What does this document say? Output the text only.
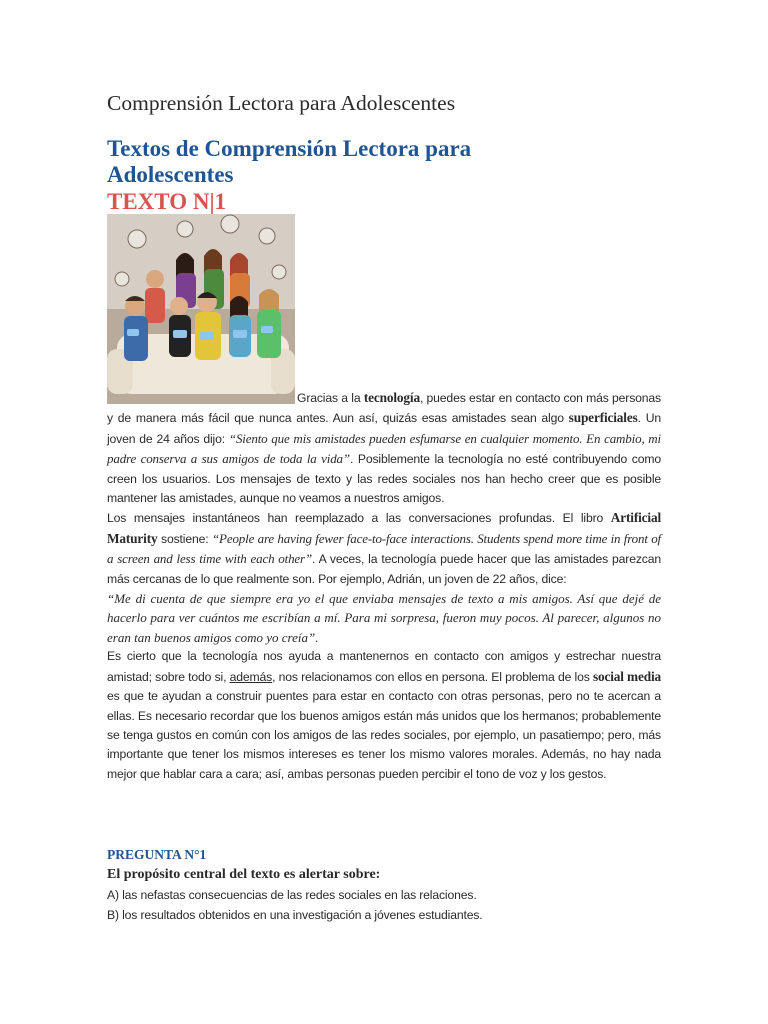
Comprensión Lectora para Adolescentes
Textos de Comprensión Lectora para Adolescentes
TEXTO N|1

Gracias a la tecnología, puedes estar en contacto con más personas y de manera más fácil que nunca antes. Aun así, quizás esas amistades sean algo superficiales. Un joven de 24 años dijo: “Siento que mis amistades pueden esfumarse en cualquier momento. En cambio, mi padre conserva a sus amigos de toda la vida”. Posiblemente la tecnología no esté contribuyendo como creen los usuarios. Los mensajes de texto y las redes sociales nos han hecho creer que es posible mantener las amistades, aunque no veamos a nuestros amigos.

Los mensajes instantáneos han reemplazado a las conversaciones profundas. El libro Artificial Maturity sostiene: “People are having fewer face-to-face interactions. Students spend more time in front of a screen and less time with each other”. A veces, la tecnología puede hacer que las amistades parezcan más cercanas de lo que realmente son. Por ejemplo, Adrián, un joven de 22 años, dice:

“Me di cuenta de que siempre era yo el que enviaba mensajes de texto a mis amigos. Así que dejé de hacerlo para ver cuántos me escribían a mí. Para mi sorpresa, fueron muy pocos. Al parecer, algunos no eran tan buenos amigos como yo creía”.

Es cierto que la tecnología nos ayuda a mantenernos en contacto con amigos y estrechar nuestra amistad; sobre todo si, además, nos relacionamos con ellos en persona. El problema de los social media es que te ayudan a construir puentes para estar en contacto con otras personas, pero no te acercan a ellas. Es necesario recordar que los buenos amigos están más unidos que los hermanos; probablemente se tenga gustos en común con los amigos de las redes sociales, por ejemplo, un pasatiempo; pero, más importante que tener los mismos intereses es tener los mismo valores morales. Además, no hay nada mejor que hablar cara a cara; así, ambas personas pueden percibir el tono de voz y los gestos.

PREGUNTA N°1

El propósito central del texto es alertar sobre:

A) las nefastas consecuencias de las redes sociales en las relaciones.

B) los resultados obtenidos en una investigación a jóvenes estudiantes.
